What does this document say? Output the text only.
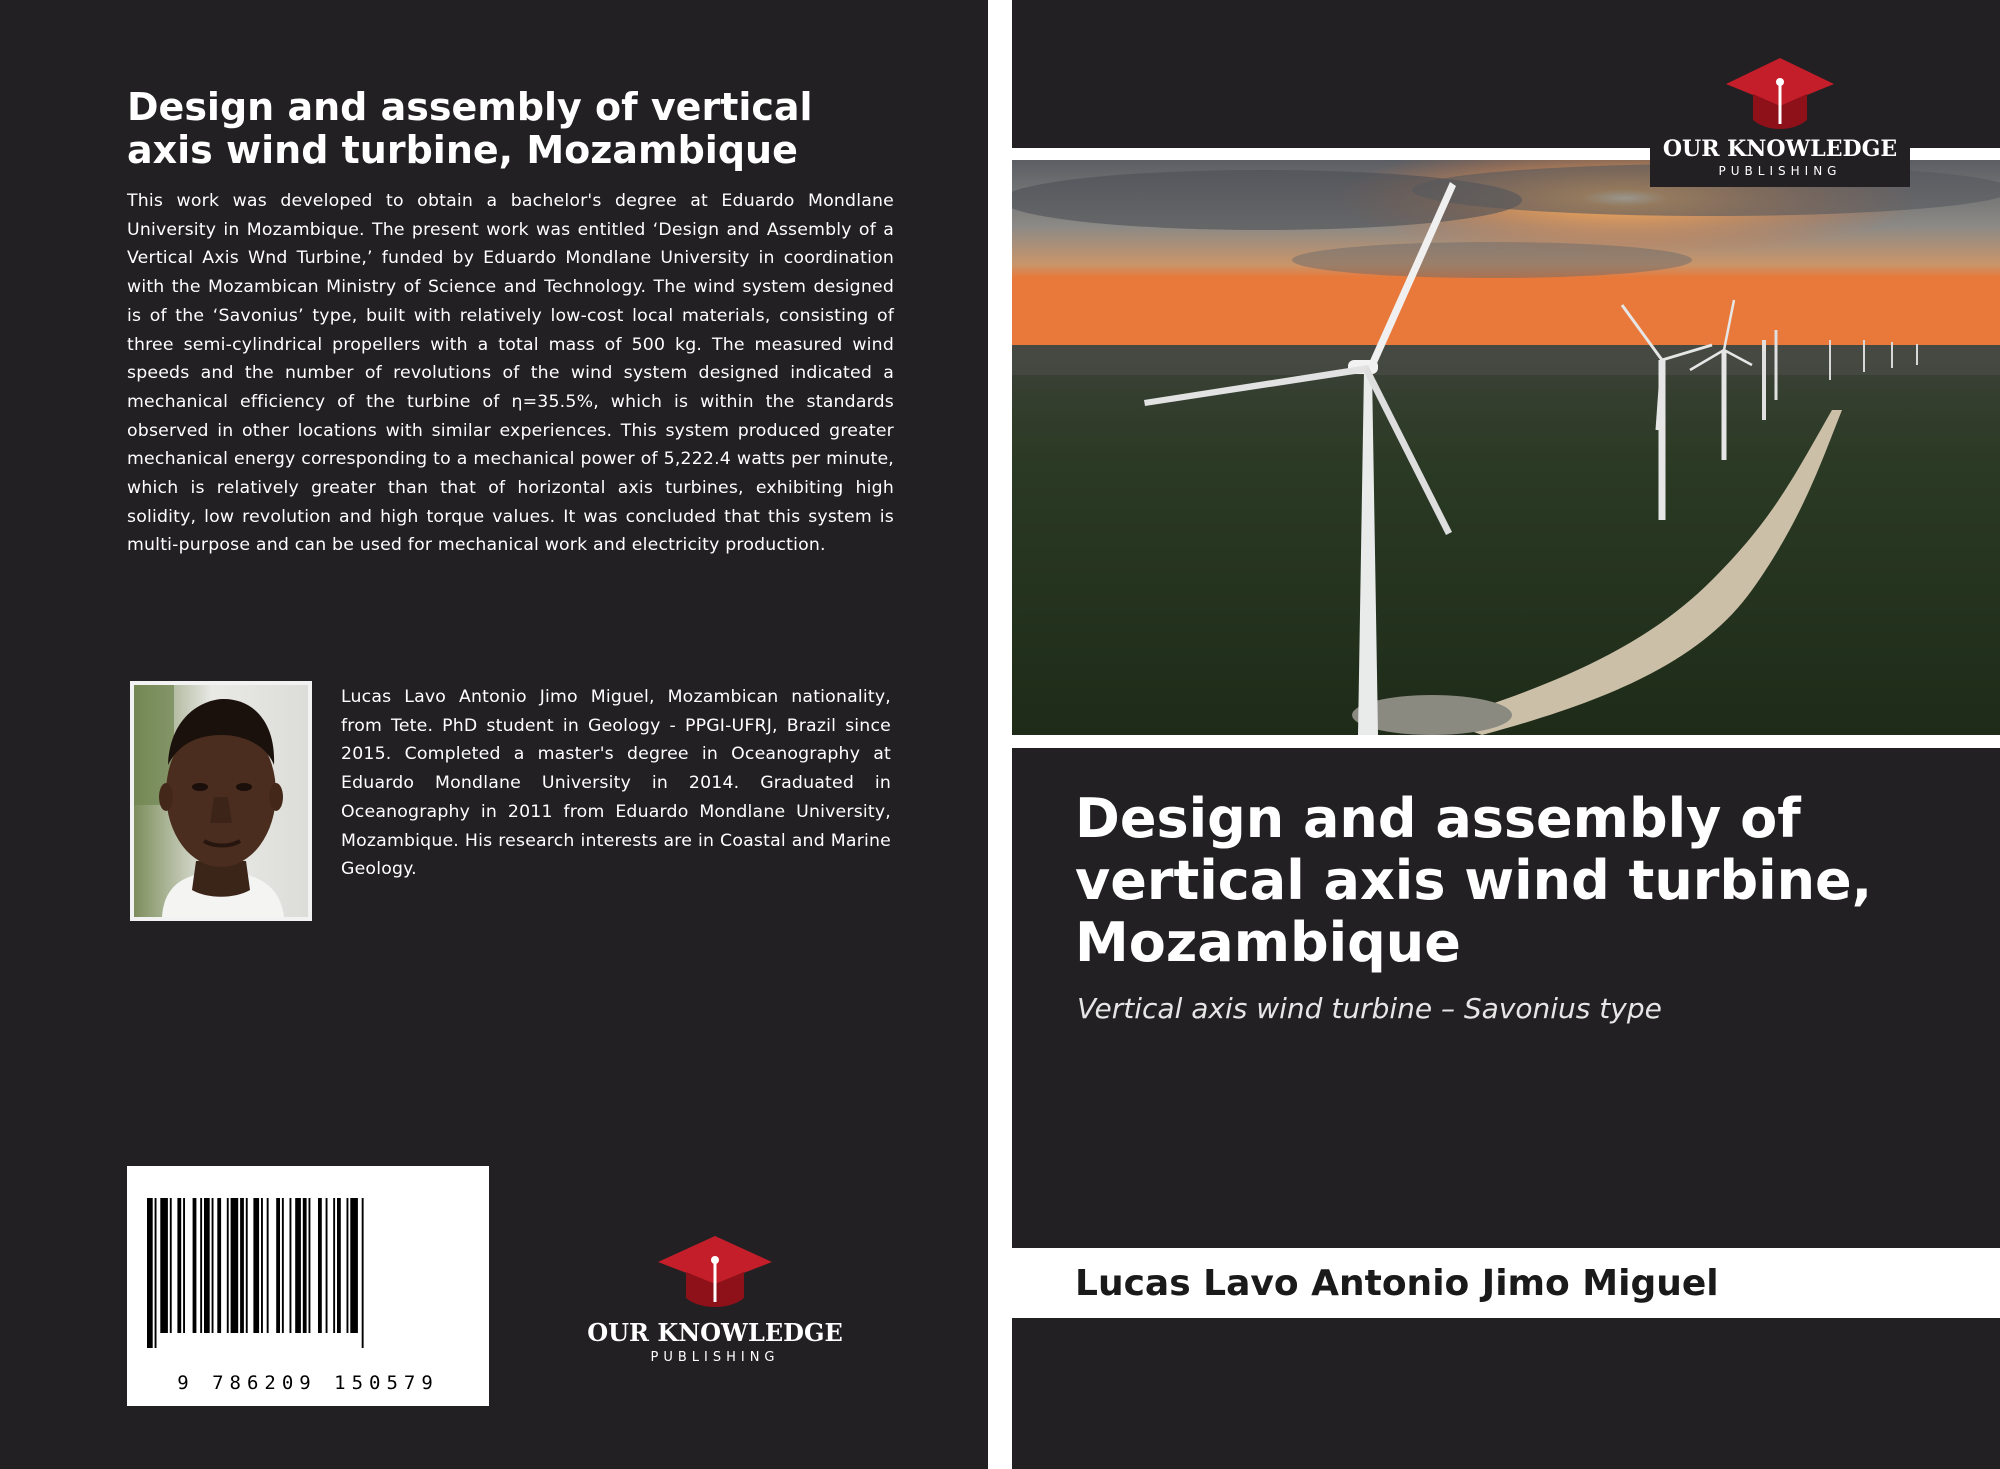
Design and assembly of vertical axis wind turbine, Mozambique

This work was developed to obtain a bachelor's degree at Eduardo Mondlane University in Mozambique. The present work was entitled ‘Design and Assembly of a Vertical Axis Wnd Turbine,’ funded by Eduardo Mondlane University in coordination with the Mozambican Ministry of Science and Technology. The wind system designed is of the ‘Savonius’ type, built with relatively low-cost local materials, consisting of three semi-cylindrical propellers with a total mass of 500 kg. The measured wind speeds and the number of revolutions of the wind system designed indicated a mechanical efficiency of the turbine of η=35.5%, which is within the standards observed in other locations with similar experiences. This system produced greater mechanical energy corresponding to a mechanical power of 5,222.4 watts per minute, which is relatively greater than that of horizontal axis turbines, exhibiting high solidity, low revolution and high torque values. It was concluded that this system is multi-purpose and can be used for mechanical work and electricity production.

Lucas Lavo Antonio Jimo Miguel, Mozambican nationality, from Tete. PhD student in Geology - PPGI-UFRJ, Brazil since 2015. Completed a master's degree in Oceanography at Eduardo Mondlane University in 2014. Graduated in Oceanography in 2011 from Eduardo Mondlane University, Mozambique. His research interests are in Coastal and Marine Geology.

9 786209 150579
OUR KNOWLEDGE
PUBLISHING
OUR KNOWLEDGE
PUBLISHING
Design and assembly of vertical axis wind turbine, Mozambique
Vertical axis wind turbine – Savonius type
Lucas Lavo Antonio Jimo Miguel
